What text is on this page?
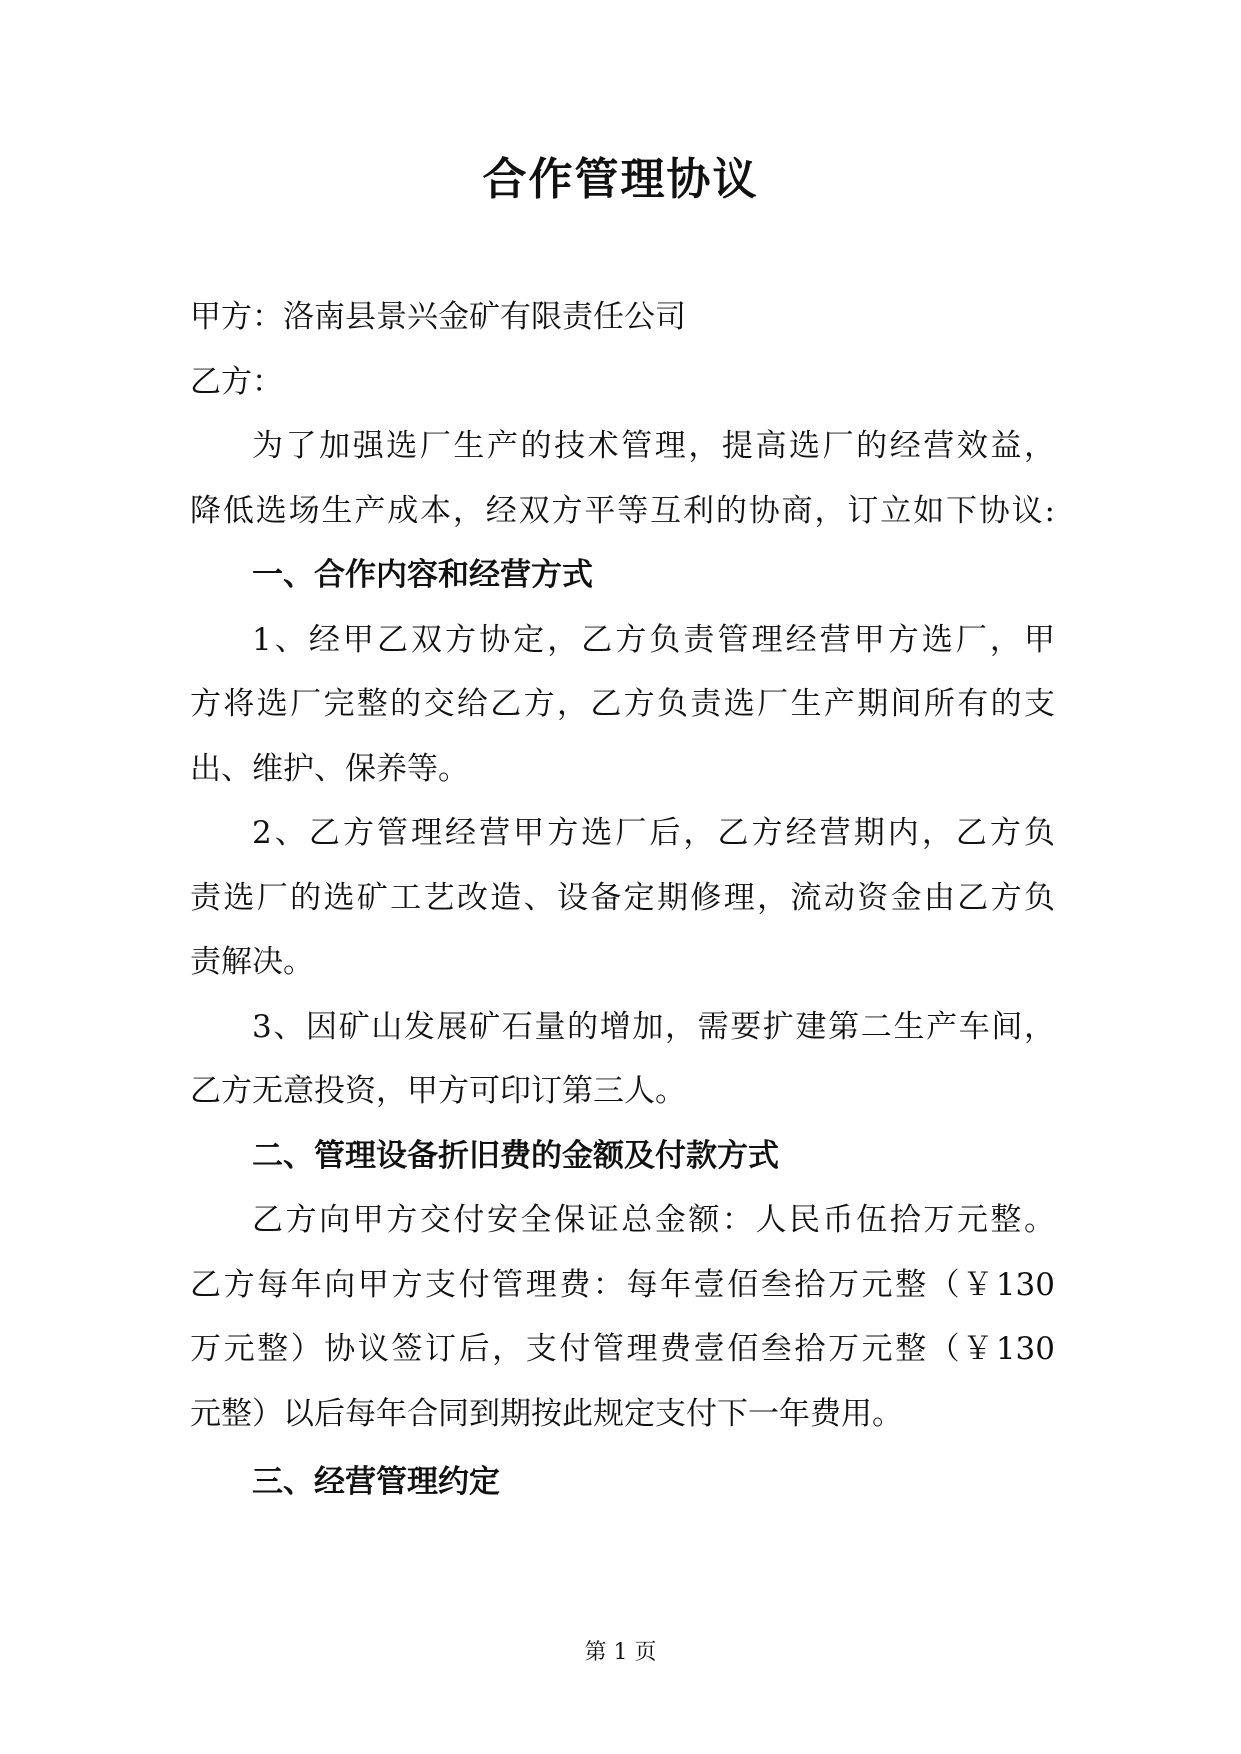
合作管理协议
甲方：洛南县景兴金矿有限责任公司
乙方：
为了加强选厂生产的技术管理，提高选厂的经营效益，
降低选场生产成本，经双方平等互利的协商，订立如下协议:
一、合作内容和经营方式
1、经甲乙双方协定，乙方负责管理经营甲方选厂，甲
方将选厂完整的交给乙方，乙方负责选厂生产期间所有的支
出、维护、保养等。
2、乙方管理经营甲方选厂后，乙方经营期内，乙方负
责选厂的选矿工艺改造、设备定期修理，流动资金由乙方负
责解决。
3、因矿山发展矿石量的增加，需要扩建第二生产车间，
乙方无意投资，甲方可印订第三人。
二、管理设备折旧费的金额及付款方式
乙方向甲方交付安全保证总金额：人民币伍拾万元整。
乙方每年向甲方支付管理费：每年壹佰叁拾万元整（￥130
万元整）协议签订后，支付管理费壹佰叁拾万元整（￥130
元整）以后每年合同到期按此规定支付下一年费用。
三、经营管理约定
第 1 页
